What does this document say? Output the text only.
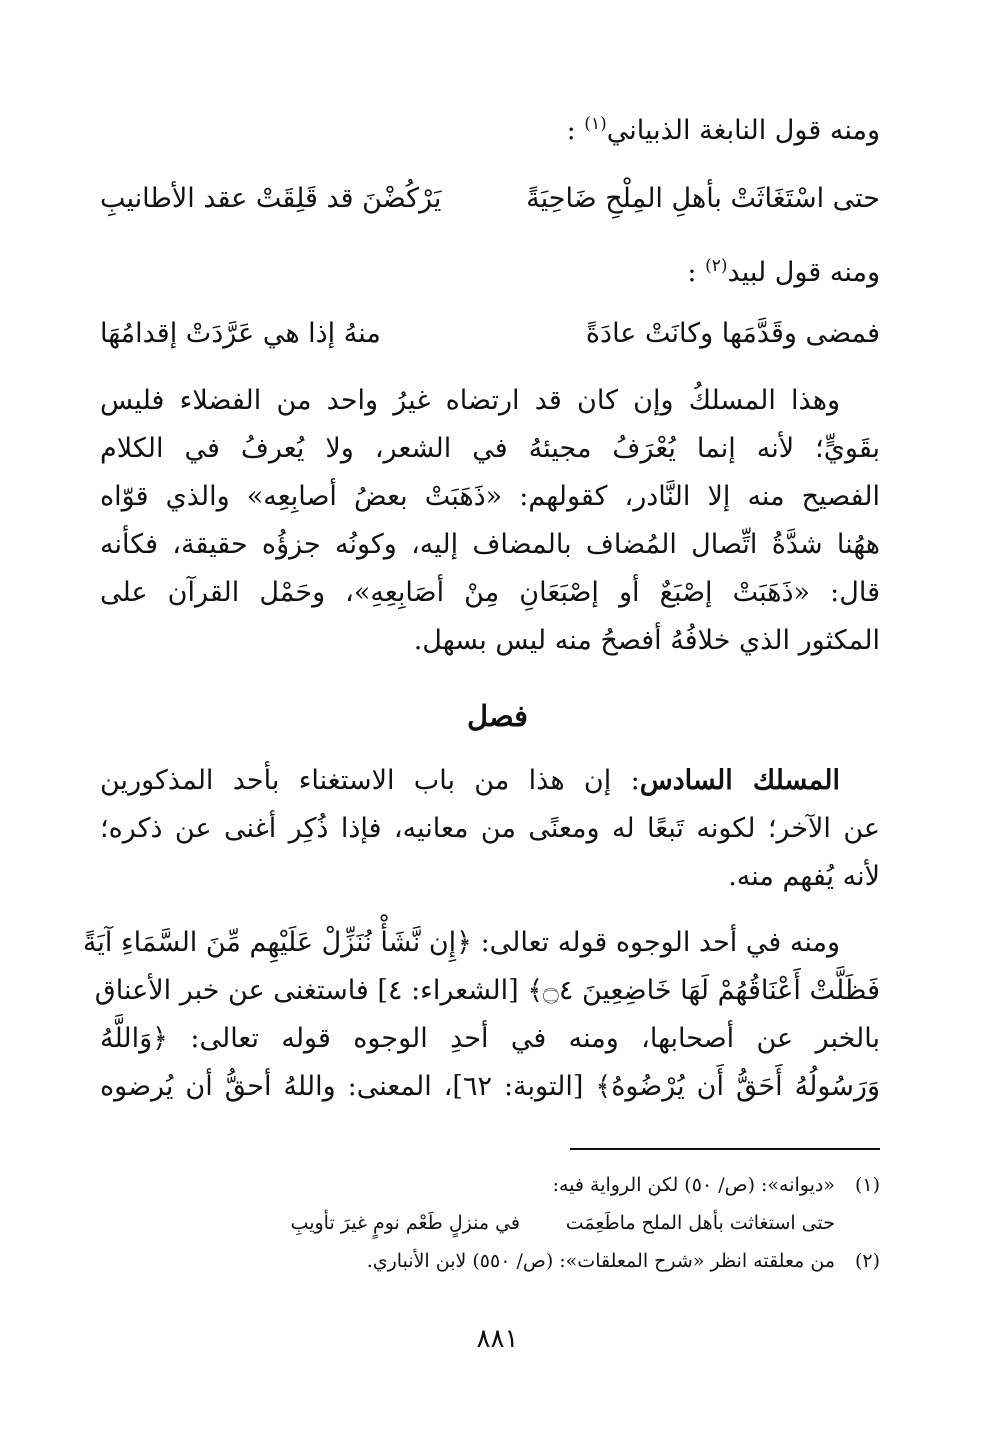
ومنه قول النابغة الذبياني$^{(١)}$ :
حتى اسْتَغَاثَتْ بأهلِ المِلْحِ ضَاحِيَةً
يَرْكُضْنَ قد قَلِقَتْ عقد الأطانيبِ
ومنه قول لبيد$^{(٢)}$ :
فمضى وقَدَّمَها وكانَتْ عادَةً
منهُ إذا هي عَرَّدَتْ إقدامُهَا
وهذا المسلكُ وإن كان قد ارتضاه غيرُ واحد من الفضلاء فليس
بقَويٍّ؛ لأنه إنما يُعْرَفُ مجيئهُ في الشعر، ولا يُعرفُ في الكلام
الفصيح منه إلا النَّادر، كقولهم: «ذَهَبَتْ بعضُ أصابِعِه» والذي قوّاه
ههُنا شدَّةُ اتِّصال المُضاف بالمضاف إليه، وكونُه جزؤُه حقيقة، فكأنه
قال: «ذَهَبَتْ إصْبَعٌ أو إصْبَعَانِ مِنْ أصَابِعِهِ»، وحَمْل القرآن على
المكثور الذي خلافُهُ أفصحُ منه ليس بسهل.
فصل
المسلك السادس: إن هذا من باب الاستغناء بأحد المذكورين
عن الآخر؛ لكونه تَبعًا له ومعنًى من معانيه، فإذا ذُكِر أغنى عن ذكره؛
لأنه يُفهم منه.
ومنه في أحد الوجوه قوله تعالى: ﴿إِن نَّشَأْ نُنَزِّلْ عَلَيْهِم مِّنَ السَّمَاءِ آيَةً
فَظَلَّتْ أَعْنَاقُهُمْ لَهَا خَاضِعِينَ ۝٤﴾ [الشعراء: ٤] فاستغنى عن خبر الأعناق
بالخبر عن أصحابها، ومنه في أحدِ الوجوه قوله تعالى: ﴿وَاللَّهُ
وَرَسُولُهُ أَحَقُّ أَن يُرْضُوهُ﴾ [التوبة: ٦٢]، المعنى: واللهُ أحقُّ أن يُرضوه
(١)«ديوانه»: (ص/ ٥٠) لكن الرواية فيه:
حتى استغاثت بأهل الملح ماطَعِمَت
في منزلٍ طَعْم نومٍ غيرَ تأويبِ
(٢)من معلقته انظر «شرح المعلقات»: (ص/ ٥٥٠) لابن الأنباري.
٨٨١
